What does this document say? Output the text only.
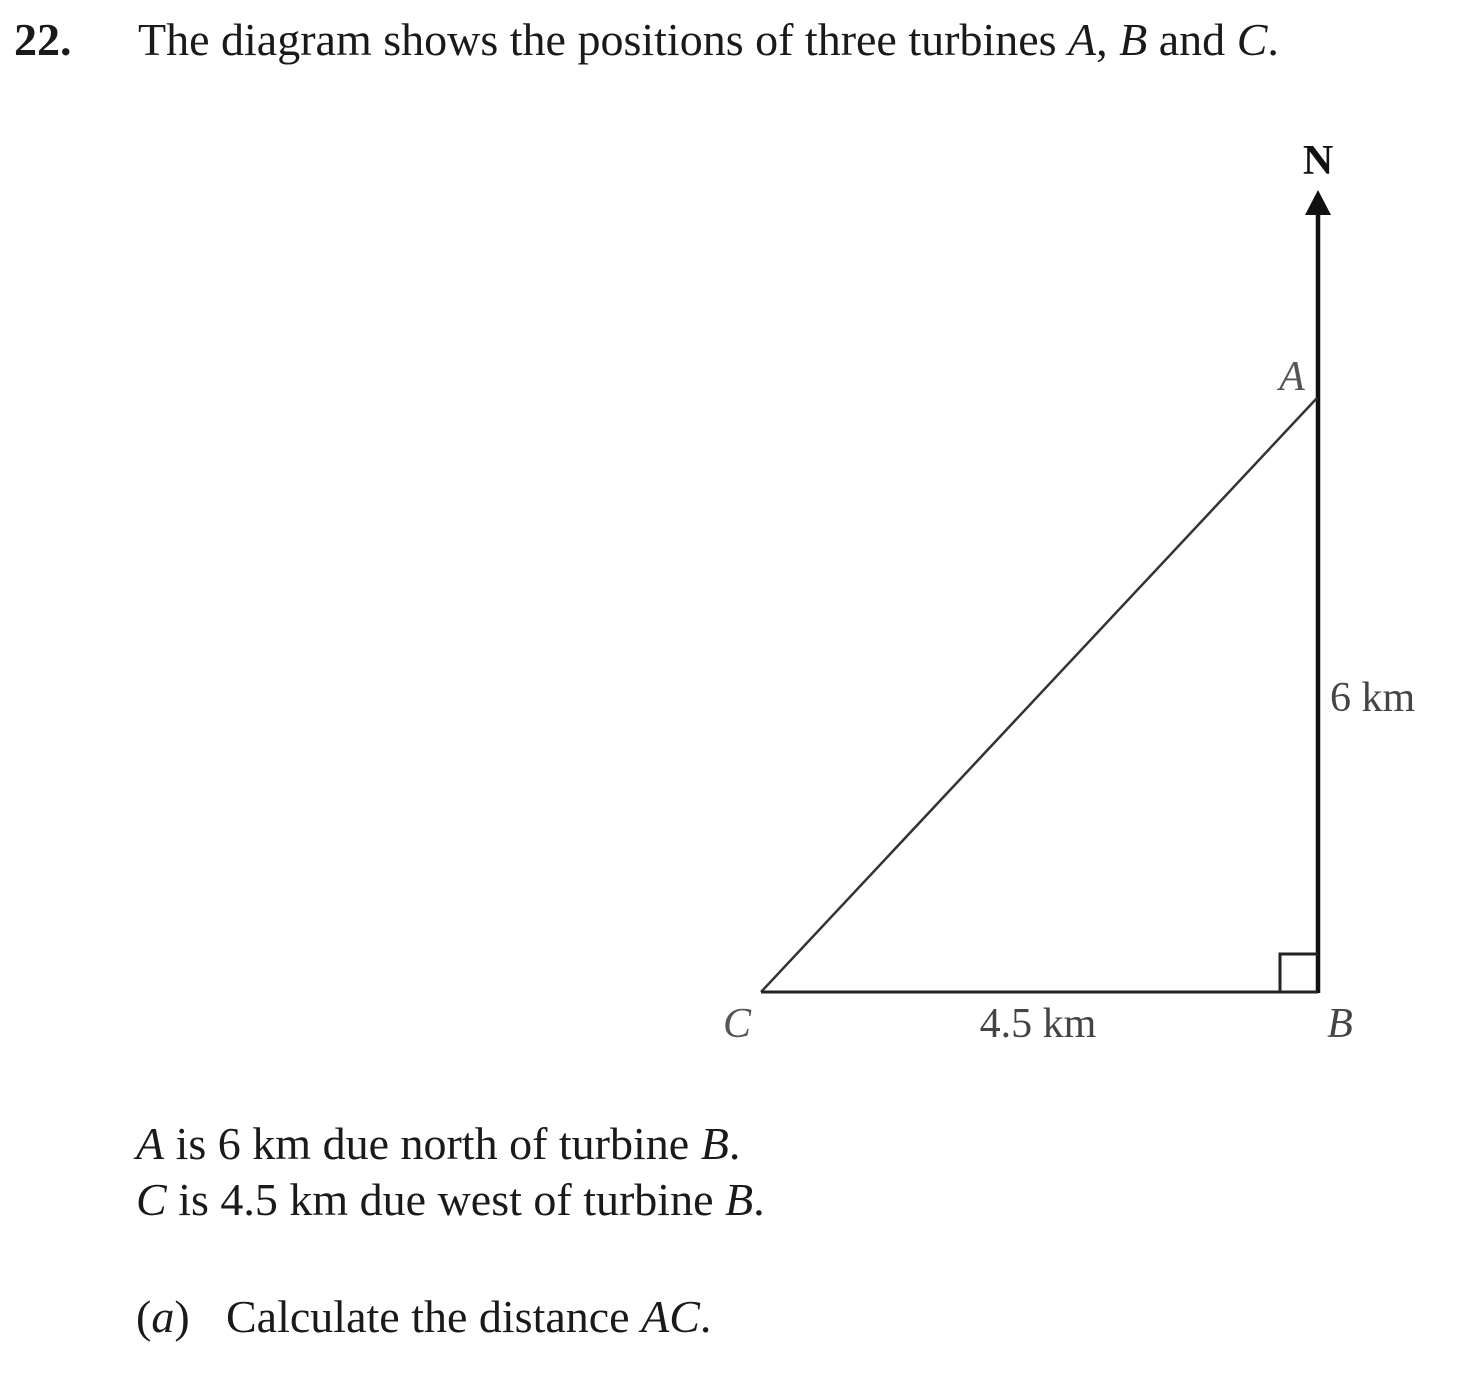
22. The diagram shows the positions of three turbines A, B and C.
N
A
B
C
6 km
4.5 km
A is 6 km due north of turbine B.
C is 4.5 km due west of turbine B.
(a) Calculate the distance AC.
